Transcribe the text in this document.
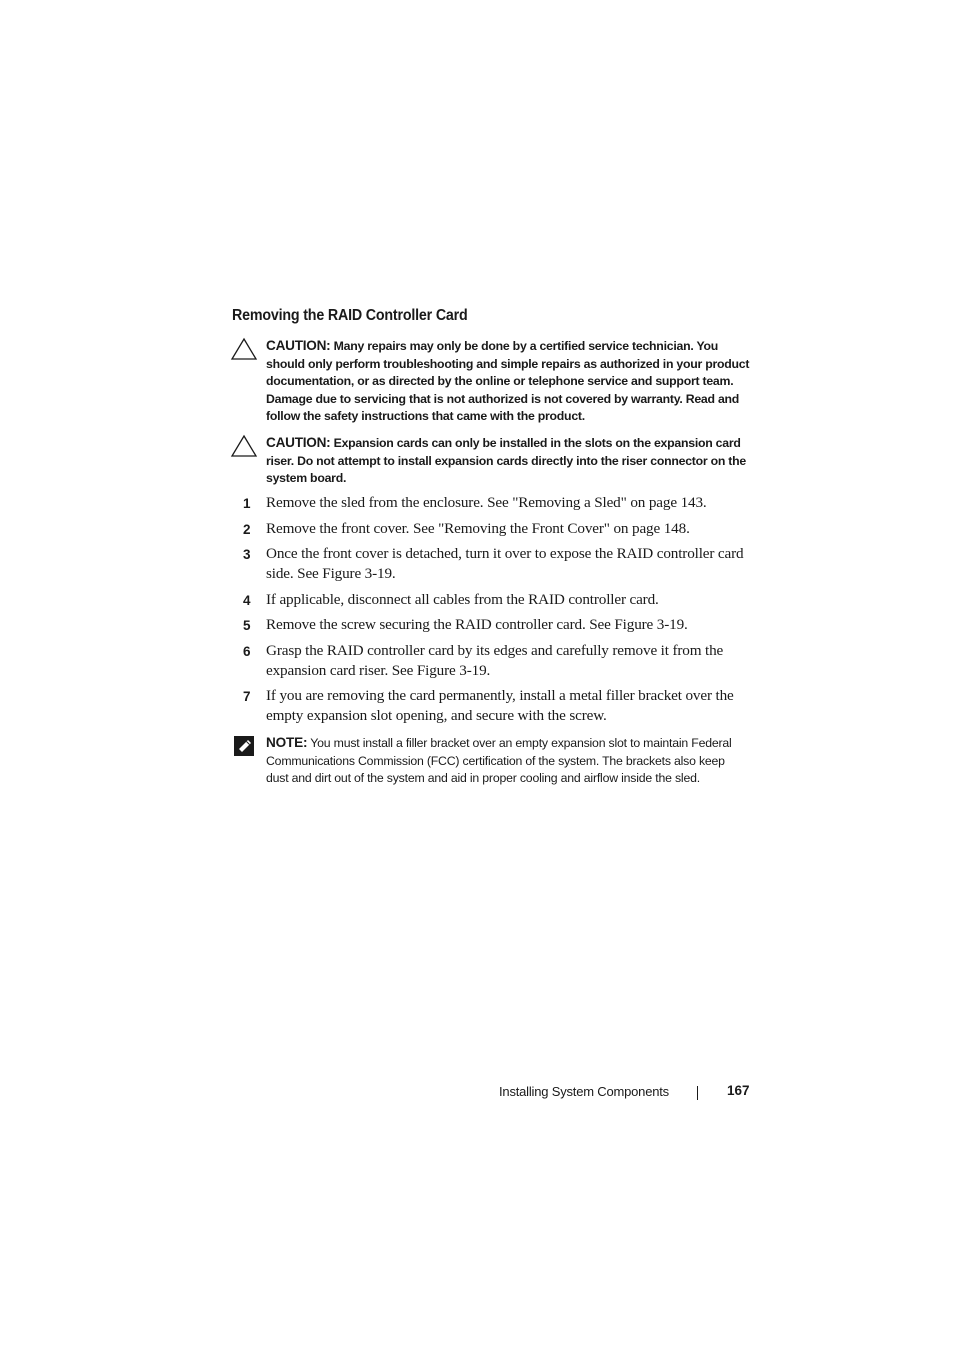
Removing the RAID Controller Card
CAUTION: Many repairs may only be done by a certified service technician. You should only perform troubleshooting and simple repairs as authorized in your product documentation, or as directed by the online or telephone service and support team. Damage due to servicing that is not authorized is not covered by warranty. Read and follow the safety instructions that came with the product.
CAUTION: Expansion cards can only be installed in the slots on the expansion card riser. Do not attempt to install expansion cards directly into the riser connector on the system board.
1 Remove the sled from the enclosure. See "Removing a Sled" on page 143.
2 Remove the front cover. See "Removing the Front Cover" on page 148.
3 Once the front cover is detached, turn it over to expose the RAID controller card side. See Figure 3-19.
4 If applicable, disconnect all cables from the RAID controller card.
5 Remove the screw securing the RAID controller card. See Figure 3-19.
6 Grasp the RAID controller card by its edges and carefully remove it from the expansion card riser. See Figure 3-19.
7 If you are removing the card permanently, install a metal filler bracket over the empty expansion slot opening, and secure with the screw.
NOTE: You must install a filler bracket over an empty expansion slot to maintain Federal Communications Commission (FCC) certification of the system. The brackets also keep dust and dirt out of the system and aid in proper cooling and airflow inside the sled.
Installing System Components	167
